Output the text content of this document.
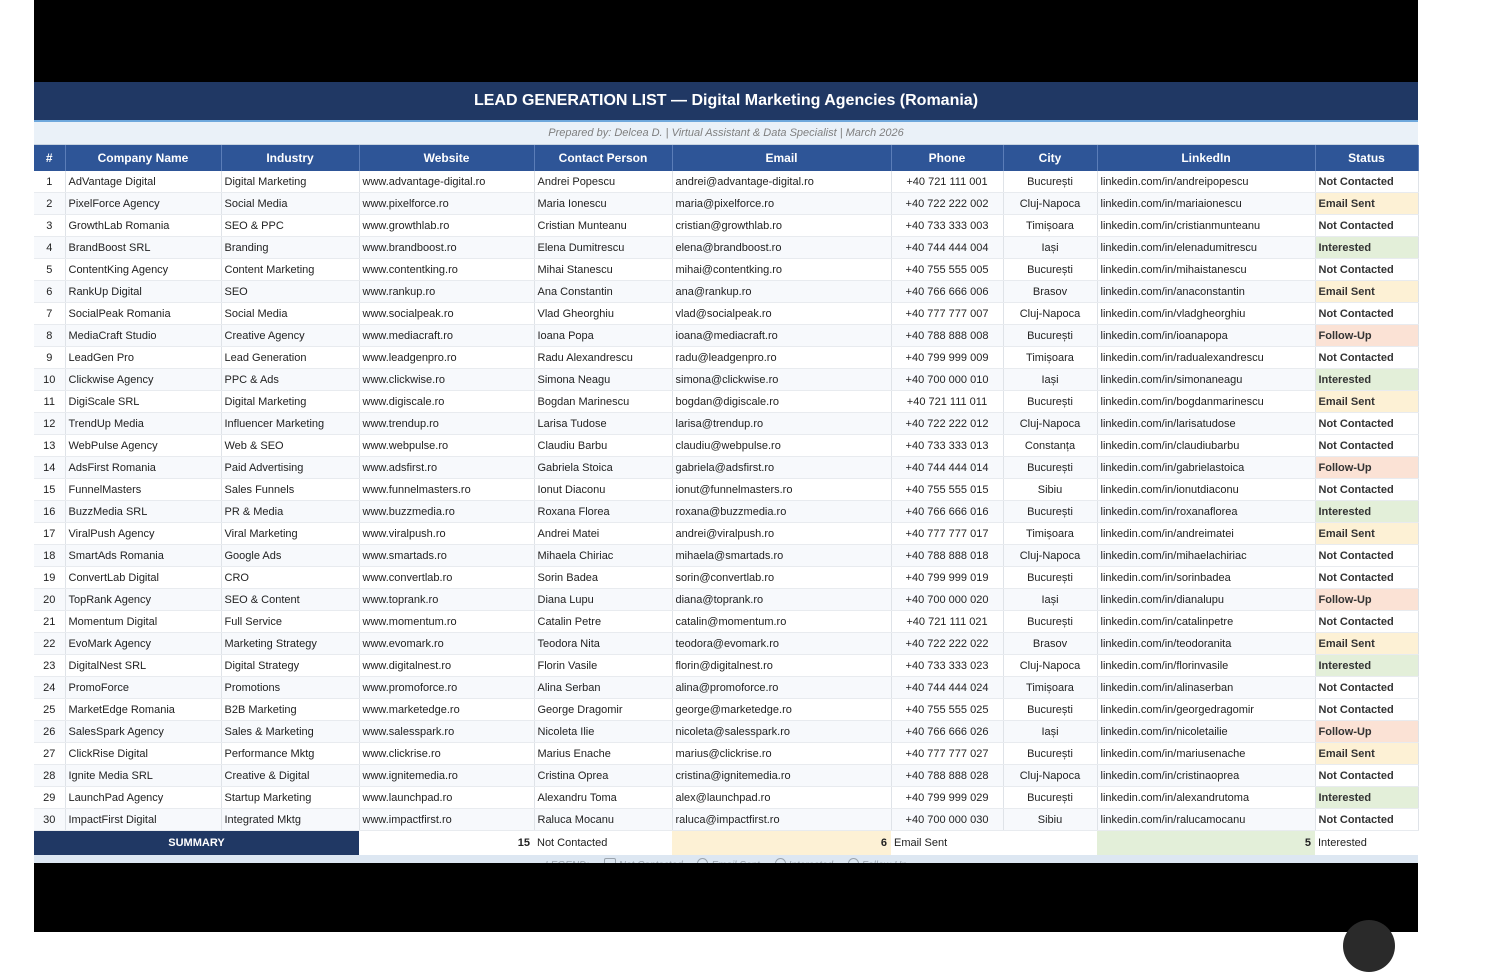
LEAD GENERATION LIST — Digital Marketing Agencies (Romania)
Prepared by: Delcea D. | Virtual Assistant & Data Specialist | March 2026
#	Company Name	Industry	Website	Contact Person	Email	Phone	City	LinkedIn	Status	
1	AdVantage Digital	Digital Marketing	www.advantage-digital.ro	Andrei Popescu	andrei@advantage-digital.ro	+40 721 111 001	București	linkedin.com/in/andreipopescu	Not Contacted	
2	PixelForce Agency	Social Media	www.pixelforce.ro	Maria Ionescu	maria@pixelforce.ro	+40 722 222 002	Cluj-Napoca	linkedin.com/in/mariaionescu	Email Sent	
3	GrowthLab Romania	SEO & PPC	www.growthlab.ro	Cristian Munteanu	cristian@growthlab.ro	+40 733 333 003	Timișoara	linkedin.com/in/cristianmunteanu	Not Contacted	
4	BrandBoost SRL	Branding	www.brandboost.ro	Elena Dumitrescu	elena@brandboost.ro	+40 744 444 004	Iași	linkedin.com/in/elenadumitrescu	Interested	
5	ContentKing Agency	Content Marketing	www.contentking.ro	Mihai Stanescu	mihai@contentking.ro	+40 755 555 005	București	linkedin.com/in/mihaistanescu	Not Contacted	
6	RankUp Digital	SEO	www.rankup.ro	Ana Constantin	ana@rankup.ro	+40 766 666 006	Brasov	linkedin.com/in/anaconstantin	Email Sent	
7	SocialPeak Romania	Social Media	www.socialpeak.ro	Vlad Gheorghiu	vlad@socialpeak.ro	+40 777 777 007	Cluj-Napoca	linkedin.com/in/vladgheorghiu	Not Contacted	
8	MediaCraft Studio	Creative Agency	www.mediacraft.ro	Ioana Popa	ioana@mediacraft.ro	+40 788 888 008	București	linkedin.com/in/ioanapopa	Follow-Up	
9	LeadGen Pro	Lead Generation	www.leadgenpro.ro	Radu Alexandrescu	radu@leadgenpro.ro	+40 799 999 009	Timișoara	linkedin.com/in/radualexandrescu	Not Contacted	
10	Clickwise Agency	PPC & Ads	www.clickwise.ro	Simona Neagu	simona@clickwise.ro	+40 700 000 010	Iași	linkedin.com/in/simonaneagu	Interested	
11	DigiScale SRL	Digital Marketing	www.digiscale.ro	Bogdan Marinescu	bogdan@digiscale.ro	+40 721 111 011	București	linkedin.com/in/bogdanmarinescu	Email Sent	
12	TrendUp Media	Influencer Marketing	www.trendup.ro	Larisa Tudose	larisa@trendup.ro	+40 722 222 012	Cluj-Napoca	linkedin.com/in/larisatudose	Not Contacted	
13	WebPulse Agency	Web & SEO	www.webpulse.ro	Claudiu Barbu	claudiu@webpulse.ro	+40 733 333 013	Constanța	linkedin.com/in/claudiubarbu	Not Contacted	
14	AdsFirst Romania	Paid Advertising	www.adsfirst.ro	Gabriela Stoica	gabriela@adsfirst.ro	+40 744 444 014	București	linkedin.com/in/gabrielastoica	Follow-Up	
15	FunnelMasters	Sales Funnels	www.funnelmasters.ro	Ionut Diaconu	ionut@funnelmasters.ro	+40 755 555 015	Sibiu	linkedin.com/in/ionutdiaconu	Not Contacted	
16	BuzzMedia SRL	PR & Media	www.buzzmedia.ro	Roxana Florea	roxana@buzzmedia.ro	+40 766 666 016	București	linkedin.com/in/roxanaflorea	Interested	
17	ViralPush Agency	Viral Marketing	www.viralpush.ro	Andrei Matei	andrei@viralpush.ro	+40 777 777 017	Timișoara	linkedin.com/in/andreimatei	Email Sent	
18	SmartAds Romania	Google Ads	www.smartads.ro	Mihaela Chiriac	mihaela@smartads.ro	+40 788 888 018	Cluj-Napoca	linkedin.com/in/mihaelachiriac	Not Contacted	
19	ConvertLab Digital	CRO	www.convertlab.ro	Sorin Badea	sorin@convertlab.ro	+40 799 999 019	București	linkedin.com/in/sorinbadea	Not Contacted	
20	TopRank Agency	SEO & Content	www.toprank.ro	Diana Lupu	diana@toprank.ro	+40 700 000 020	Iași	linkedin.com/in/dianalupu	Follow-Up	
21	Momentum Digital	Full Service	www.momentum.ro	Catalin Petre	catalin@momentum.ro	+40 721 111 021	București	linkedin.com/in/catalinpetre	Not Contacted	
22	EvoMark Agency	Marketing Strategy	www.evomark.ro	Teodora Nita	teodora@evomark.ro	+40 722 222 022	Brasov	linkedin.com/in/teodoranita	Email Sent	
23	DigitalNest SRL	Digital Strategy	www.digitalnest.ro	Florin Vasile	florin@digitalnest.ro	+40 733 333 023	Cluj-Napoca	linkedin.com/in/florinvasile	Interested	
24	PromoForce	Promotions	www.promoforce.ro	Alina Serban	alina@promoforce.ro	+40 744 444 024	Timișoara	linkedin.com/in/alinaserban	Not Contacted	
25	MarketEdge Romania	B2B Marketing	www.marketedge.ro	George Dragomir	george@marketedge.ro	+40 755 555 025	București	linkedin.com/in/georgedragomir	Not Contacted	
26	SalesSpark Agency	Sales & Marketing	www.salesspark.ro	Nicoleta Ilie	nicoleta@salesspark.ro	+40 766 666 026	Iași	linkedin.com/in/nicoletailie	Follow-Up	
27	ClickRise Digital	Performance Mktg	www.clickrise.ro	Marius Enache	marius@clickrise.ro	+40 777 777 027	București	linkedin.com/in/mariusenache	Email Sent	
28	Ignite Media SRL	Creative & Digital	www.ignitemedia.ro	Cristina Oprea	cristina@ignitemedia.ro	+40 788 888 028	Cluj-Napoca	linkedin.com/in/cristinaoprea	Not Contacted	
29	LaunchPad Agency	Startup Marketing	www.launchpad.ro	Alexandru Toma	alex@launchpad.ro	+40 799 999 029	București	linkedin.com/in/alexandrutoma	Interested	
30	ImpactFirst Digital	Integrated Mktg	www.impactfirst.ro	Raluca Mocanu	raluca@impactfirst.ro	+40 700 000 030	Sibiu	linkedin.com/in/ralucamocanu	Not Contacted	
SUMMARY			15	Not Contacted	6	Email Sent		5	Interested	
